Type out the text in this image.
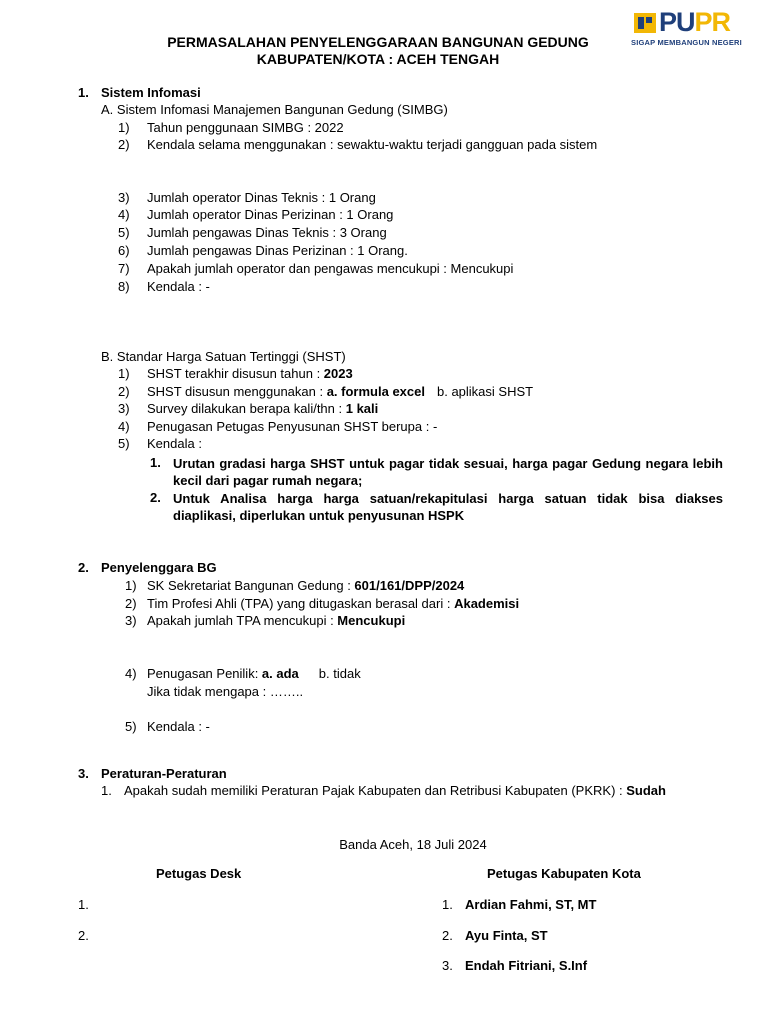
PERMASALAHAN PENYELENGGARAAN BANGUNAN GEDUNG
KABUPATEN/KOTA : ACEH TENGAH
PUPR
SIGAP MEMBANGUN NEGERI
1. Sistem Infomasi
A. Sistem Infomasi Manajemen Bangunan Gedung (SIMBG)
1) Tahun penggunaan SIMBG : 2022
2) Kendala selama menggunakan : sewaktu-waktu terjadi gangguan pada sistem
3) Jumlah operator Dinas Teknis : 1 Orang
4) Jumlah operator Dinas Perizinan : 1 Orang
5) Jumlah pengawas Dinas Teknis : 3 Orang
6) Jumlah pengawas Dinas Perizinan : 1 Orang.
7) Apakah jumlah operator dan pengawas mencukupi : Mencukupi
8) Kendala : -
B. Standar Harga Satuan Tertinggi (SHST)
1) SHST terakhir disusun tahun : 2023
2) SHST disusun menggunakan : a. formula excel b. aplikasi SHST
3) Survey dilakukan berapa kali/thn : 1 kali
4) Penugasan Petugas Penyusunan SHST berupa : -
5) Kendala :
1. Urutan gradasi harga SHST untuk pagar tidak sesuai, harga pagar Gedung negara lebih kecil dari pagar rumah negara;
2. Untuk Analisa harga harga satuan/rekapitulasi harga satuan tidak bisa diakses diaplikasi, diperlukan untuk penyusunan HSPK
2. Penyelenggara BG
1) SK Sekretariat Bangunan Gedung : 601/161/DPP/2024
2) Tim Profesi Ahli (TPA) yang ditugaskan berasal dari : Akademisi
3) Apakah jumlah TPA mencukupi : Mencukupi
4) Penugasan Penilik: a. ada b. tidak
Jika tidak mengapa : ……..
5) Kendala : -
3. Peraturan-Peraturan
1. Apakah sudah memiliki Peraturan Pajak Kabupaten dan Retribusi Kabupaten (PKRK) : Sudah
Banda Aceh, 18 Juli 2024
Petugas Desk	Petugas Kabupaten Kota
1.
2.
1. Ardian Fahmi, ST, MT
2. Ayu Finta, ST
3. Endah Fitriani, S.Inf
